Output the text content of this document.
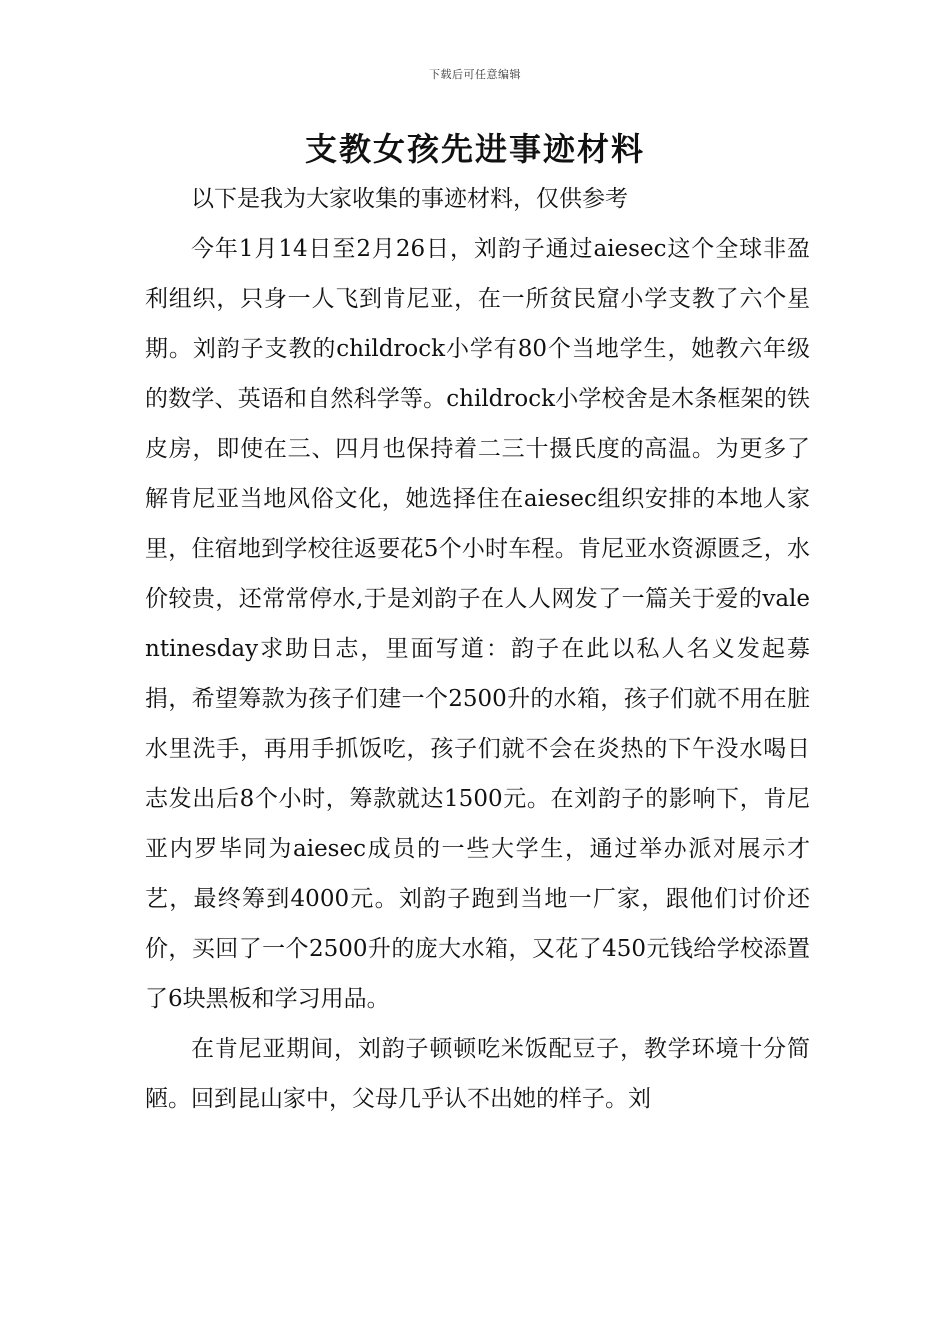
下载后可任意编辑
支教女孩先进事迹材料

以下是我为大家收集的事迹材料，仅供参考

今年1月14日至2月26日，刘韵子通过aiesec这个全球非盈利组织，只身一人飞到肯尼亚，在一所贫民窟小学支教了六个星期。刘韵子支教的childrock小学有80个当地学生，她教六年级的数学、英语和自然科学等。childrock小学校舍是木条框架的铁皮房，即使在三、四月也保持着二三十摄氏度的高温。为更多了解肯尼亚当地风俗文化，她选择住在aiesec组织安排的本地人家里，住宿地到学校往返要花5个小时车程。肯尼亚水资源匮乏，水价较贵，还常常停水,于是刘韵子在人人网发了一篇关于爱的valentinesday求助日志，里面写道：韵子在此以私人名义发起募捐，希望筹款为孩子们建一个2500升的水箱，孩子们就不用在脏水里洗手，再用手抓饭吃，孩子们就不会在炎热的下午没水喝日志发出后8个小时，筹款就达1500元。在刘韵子的影响下，肯尼亚内罗毕同为aiesec成员的一些大学生，通过举办派对展示才艺，最终筹到4000元。刘韵子跑到当地一厂家，跟他们讨价还价，买回了一个2500升的庞大水箱，又花了450元钱给学校添置了6块黑板和学习用品。

在肯尼亚期间，刘韵子顿顿吃米饭配豆子，教学环境十分简陋。回到昆山家中，父母几乎认不出她的样子。刘
